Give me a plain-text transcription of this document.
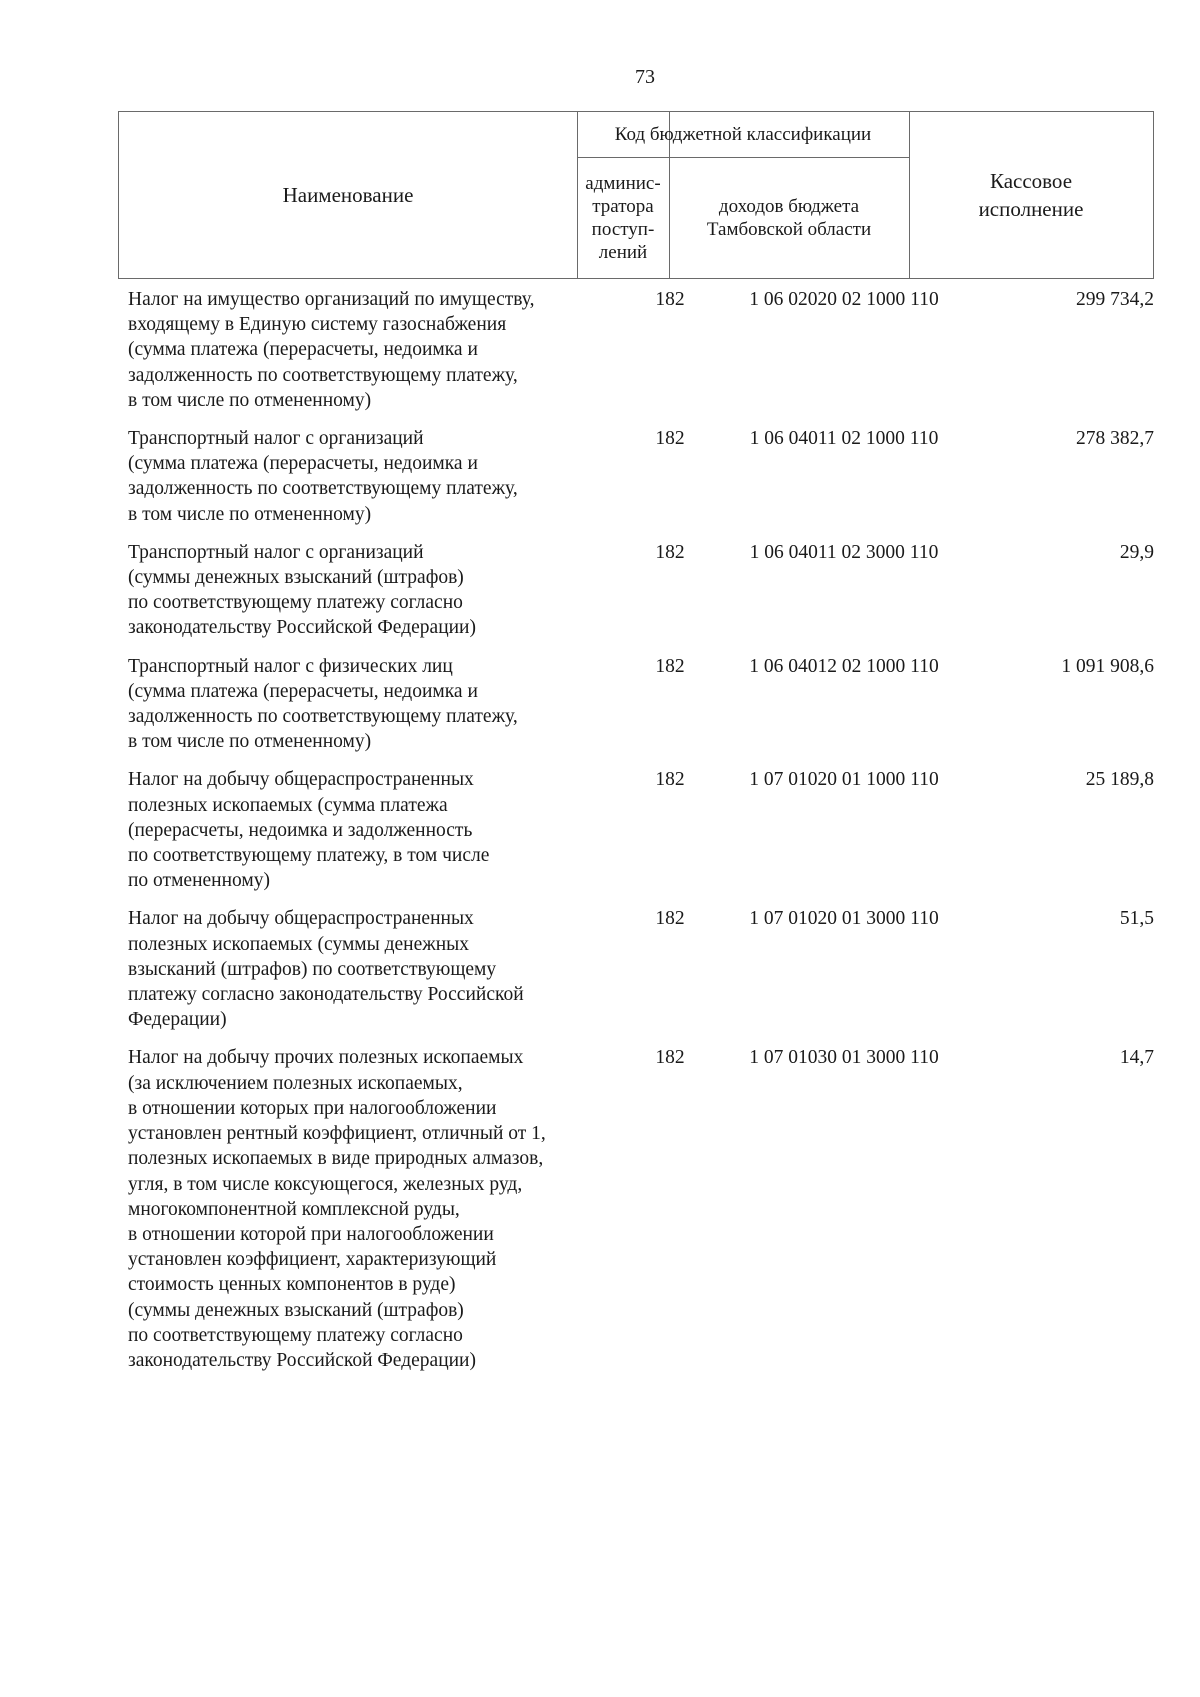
73
Наименование
Код бюджетной классификации
админис-
тратора
поступ-
лений
доходов бюджета
Тамбовской области
Кассовое
исполнение
Налог на имущество организаций по имуществу,
входящему в Единую систему газоснабжения
(сумма платежа (перерасчеты, недоимка и
задолженность по соответствующему платежу,
в том числе по отмененному)
182	1 06 02020 02 1000 110	299 734,2
Транспортный налог с организаций
(сумма платежа (перерасчеты, недоимка и
задолженность по соответствующему платежу,
в том числе по отмененному)
182	1 06 04011 02 1000 110	278 382,7
Транспортный налог с организаций
(суммы денежных взысканий (штрафов)
по соответствующему платежу согласно
законодательству Российской Федерации)
182	1 06 04011 02 3000 110	29,9
Транспортный налог с физических лиц
(сумма платежа (перерасчеты, недоимка и
задолженность по соответствующему платежу,
в том числе по отмененному)
182	1 06 04012 02 1000 110	1 091 908,6
Налог на добычу общераспространенных
полезных ископаемых (сумма платежа
(перерасчеты, недоимка и задолженность
по соответствующему платежу, в том числе
по отмененному)
182	1 07 01020 01 1000 110	25 189,8
Налог на добычу общераспространенных
полезных ископаемых (суммы денежных
взысканий (штрафов) по соответствующему
платежу согласно законодательству Российской
Федерации)
182	1 07 01020 01 3000 110	51,5
Налог на добычу прочих полезных ископаемых
(за исключением полезных ископаемых,
в отношении которых при налогообложении
установлен рентный коэффициент, отличный от 1,
полезных ископаемых в виде природных алмазов,
угля, в том числе коксующегося, железных руд,
многокомпонентной комплексной руды,
в отношении которой при налогообложении
установлен коэффициент, характеризующий
стоимость ценных компонентов в руде)
(суммы денежных взысканий (штрафов)
по соответствующему платежу согласно
законодательству Российской Федерации)
182	1 07 01030 01 3000 110	14,7
